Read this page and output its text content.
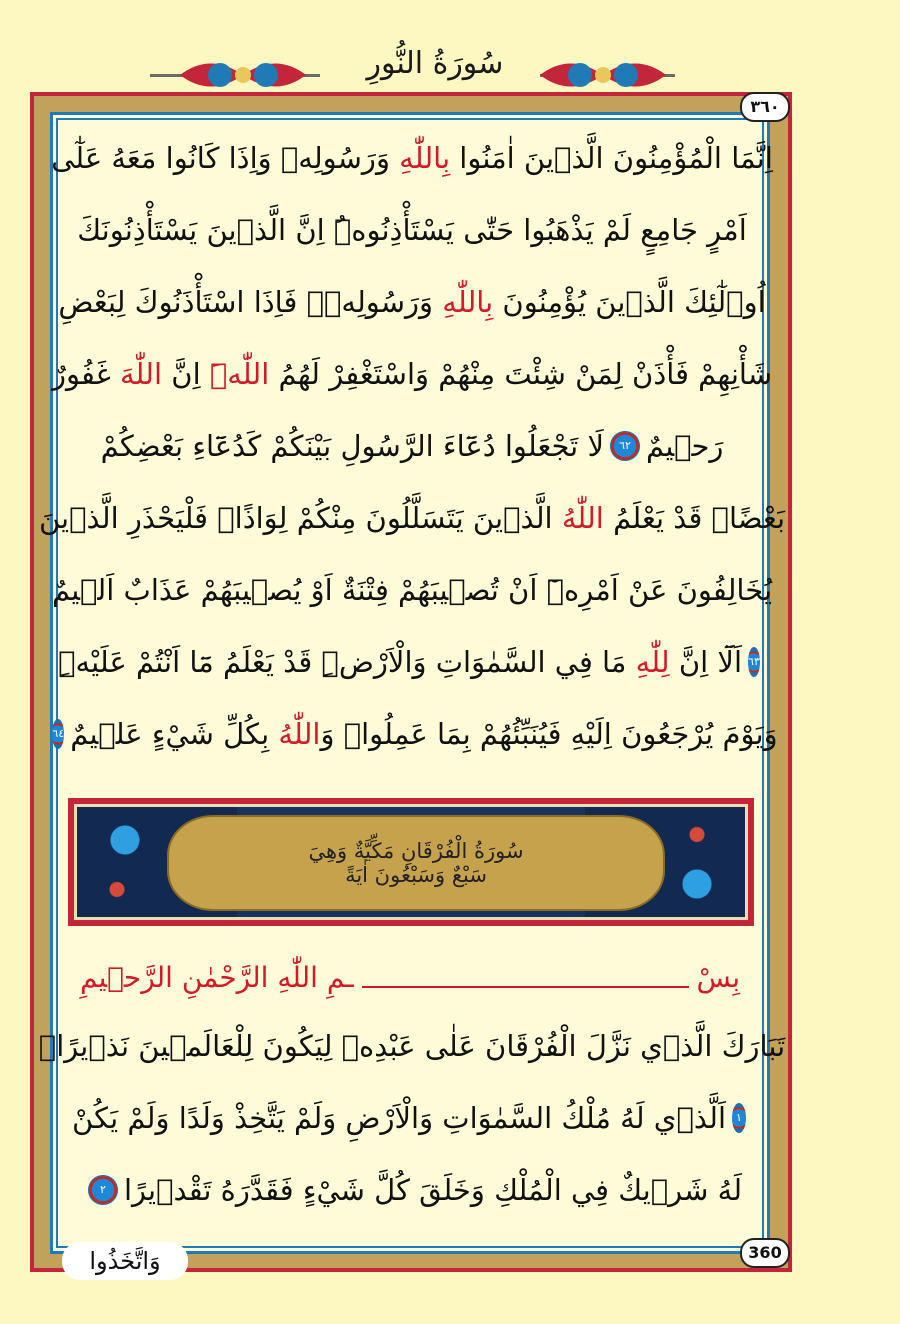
سُورَةُ النُّورِ
٣٦٠
اِنَّمَا الْمُؤْمِنُونَ الَّذٖينَ اٰمَنُوا

بِاللّٰهِ

وَرَسُولِهٖ وَاِذَا كَانُوا مَعَهُ عَلٰٓى
اَمْرٍ جَامِعٍ لَمْ يَذْهَبُوا حَتّٰى يَسْتَأْذِنُوهُۜ اِنَّ الَّذٖينَ يَسْتَأْذِنُونَكَ
اُو۬لٰٓئِكَ الَّذٖينَ يُؤْمِنُونَ

بِاللّٰهِ

وَرَسُولِهٖۚ فَاِذَا اسْتَأْذَنُوكَ لِبَعْضِ
شَأْنِهِمْ فَأْذَنْ لِمَنْ شِئْتَ مِنْهُمْ وَاسْتَغْفِرْ لَهُمُ

اللّٰهَۜ

اِنَّ

اللّٰهَ

غَفُورٌ
رَحٖيمٌ
٦٢
لَا تَجْعَلُوا دُعَٓاءَ الرَّسُولِ بَيْنَكُمْ كَدُعَٓاءِ بَعْضِكُمْ
بَعْضًاۜ قَدْ يَعْلَمُ

اللّٰهُ

الَّذٖينَ يَتَسَلَّلُونَ مِنْكُمْ لِوَاذًاۚ فَلْيَحْذَرِ الَّذٖينَ
يُخَالِفُونَ عَنْ اَمْرِهٖٓ اَنْ تُصٖيبَهُمْ فِتْنَةٌ اَوْ يُصٖيبَهُمْ عَذَابٌ اَلٖيمٌ
٦٣
اَلَٓا اِنَّ

لِلّٰهِ

مَا فِي السَّمٰوَاتِ وَالْاَرْضِۜ قَدْ يَعْلَمُ مَٓا اَنْتُمْ عَلَيْهِۜ
وَيَوْمَ يُرْجَعُونَ اِلَيْهِ فَيُنَبِّئُهُمْ بِمَا عَمِلُواۜ وَ
اللّٰهُ

بِكُلِّ شَيْءٍ عَلٖيمٌ
٦٤
سُورَةُ الْفُرْقَانِ مَكِّيَّةٌ وَهِيَ
سَبْعٌ وَسَبْعُونَ اٰيَةً
بِسْ
ـمِ اللّٰهِ الرَّحْمٰنِ الرَّحٖيمِ
تَبَارَكَ الَّذٖي نَزَّلَ الْفُرْقَانَ عَلٰى عَبْدِهٖ لِيَكُونَ لِلْعَالَمٖينَ نَذٖيرًاۙ
١
اَلَّذٖي لَهُ مُلْكُ السَّمٰوَاتِ وَالْاَرْضِ وَلَمْ يَتَّخِذْ وَلَدًا وَلَمْ يَكُنْ
لَهُ شَرٖيكٌ فِي الْمُلْكِ وَخَلَقَ كُلَّ شَيْءٍ فَقَدَّرَهُ تَقْدٖيرًا
٢
360
وَاتَّخَذُوا
